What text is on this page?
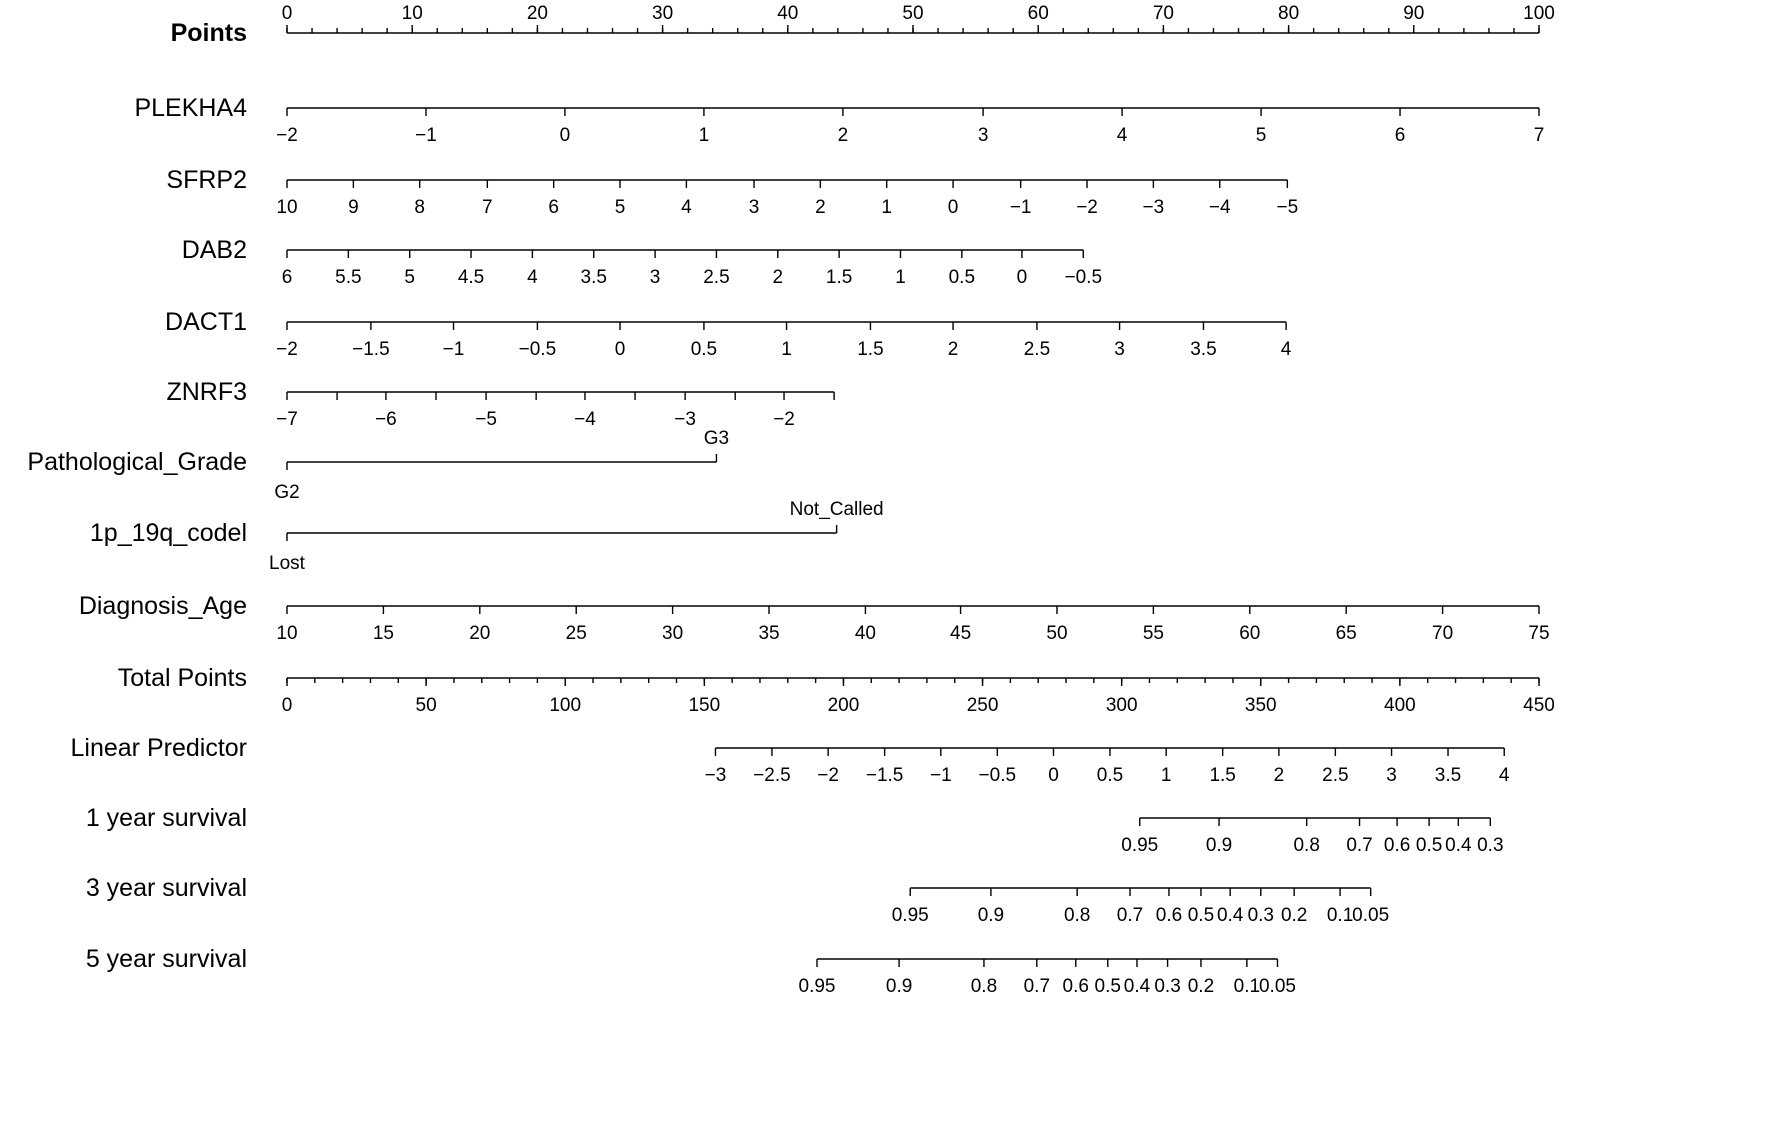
Points
0	10	20	30	40	50	60	70	80	90	100
PLEKHA4
−2	−1	0	1	2	3	4	5	6	7
SFRP2
10	9	8	7	6	5	4	3	2	1	0	−1 −2 −3 −4 −5
DAB2
6 5.5 5 4.5 4 3.5 3 2.5 2 1.5 1 0.5 0 −0.5
DACT1
−2	−1.5	−1	−0.5	0	0.5	1	1.5	2	2.5	3	3.5	4
ZNRF3
−7	−6	−5	−4	−3	−2
Pathological_Grade
G2
G3
1p_19q_codel
Lost
Not_Called
Diagnosis_Age
10	15	20	25	30	35	40	45	50	55	60	65	70	75
Total Points
0	50	100	150	200	250	300	350	400	450
Linear Predictor
−3 −2.5 −2 −1.5 −1 −0.5 0 0.5 1 1.5 2 2.5 3 3.5 4
1 year survival
0.95	0.9	0.8 0.7 0.6 0.5 0.4 0.3
3 year survival
0.95	0.9	0.8 0.7 0.6 0.5 0.4 0.3 0.2 0.1
0.05
5 year survival
0.95	0.9	0.8 0.7 0.6 0.5 0.4 0.3 0.2 0.1
0.05
